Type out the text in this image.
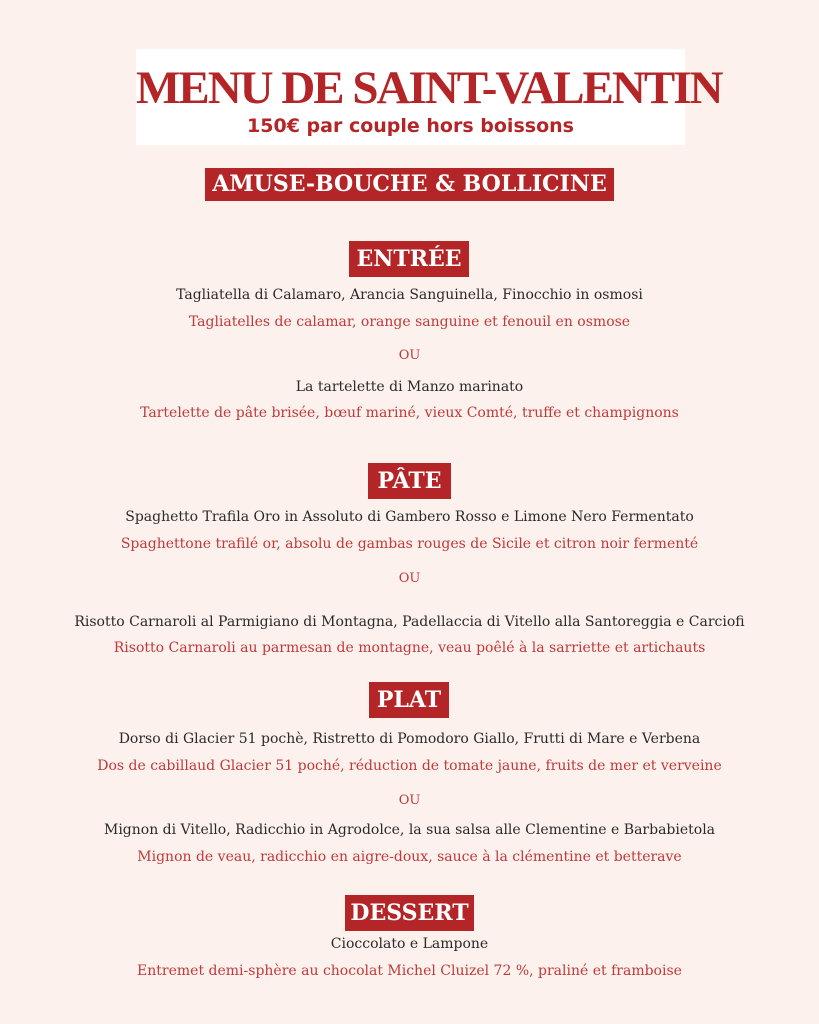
MENU DE SAINT-VALENTIN
150€ par couple hors boissons
AMUSE-BOUCHE & BOLLICINE
ENTRÉE
Tagliatella di Calamaro, Arancia Sanguinella, Finocchio in osmosi
Tagliatelles de calamar, orange sanguine et fenouil en osmose
OU
La tartelette di Manzo marinato
Tartelette de pâte brisée, bœuf mariné, vieux Comté, truffe et champignons
PÂTE
Spaghetto Trafila Oro in Assoluto di Gambero Rosso e Limone Nero Fermentato
Spaghettone trafilé or, absolu de gambas rouges de Sicile et citron noir fermenté
OU
Risotto Carnaroli al Parmigiano di Montagna, Padellaccia di Vitello alla Santoreggia e Carciofi
Risotto Carnaroli au parmesan de montagne, veau poêlé à la sarriette et artichauts
PLAT
Dorso di Glacier 51 pochè, Ristretto di Pomodoro Giallo, Frutti di Mare e Verbena
Dos de cabillaud Glacier 51 poché, réduction de tomate jaune, fruits de mer et verveine
OU
Mignon di Vitello, Radicchio in Agrodolce, la sua salsa alle Clementine e Barbabietola
Mignon de veau, radicchio en aigre-doux, sauce à la clémentine et betterave
DESSERT
Cioccolato e Lampone
Entremet demi-sphère au chocolat Michel Cluizel 72 %, praliné et framboise
